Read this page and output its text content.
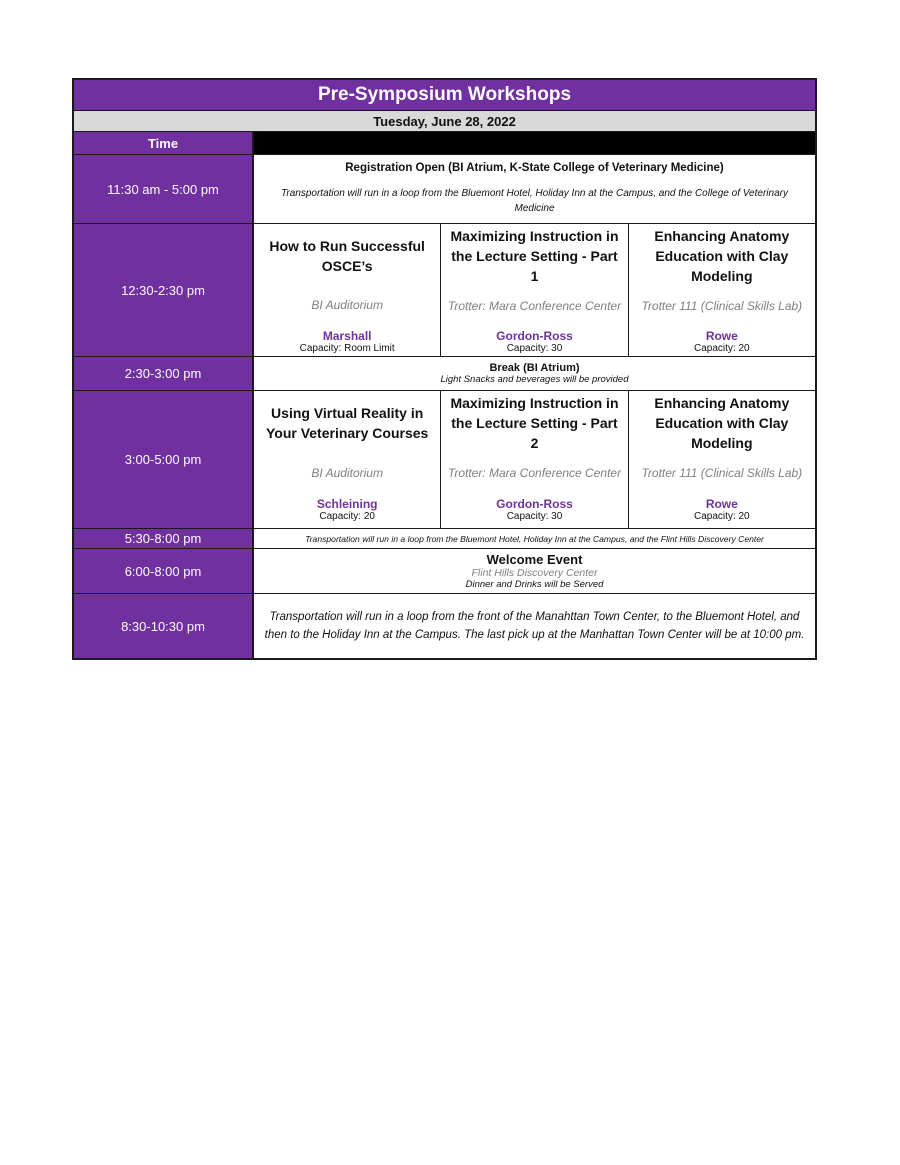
Pre-Symposium Workshops
Tuesday, June 28, 2022
Time
11:30 am - 5:00 pm
Registration Open (BI Atrium, K-State College of Veterinary Medicine)
Transportation will run in a loop from the Bluemont Hotel, Holiday Inn at the Campus, and the College of Veterinary Medicine
12:30-2:30 pm
How to Run Successful OSCE’s
BI Auditorium
Marshall
Capacity: Room Limit
Maximizing Instruction in the Lecture Setting - Part 1
Trotter: Mara Conference Center
Gordon-Ross
Capacity: 30
Enhancing Anatomy Education with Clay Modeling
Trotter 111 (Clinical Skills Lab)
Rowe
Capacity: 20
2:30-3:00 pm	Break (BI Atrium)
Light Snacks and beverages will be provided
3:00-5:00 pm
Using Virtual Reality in Your Veterinary Courses
BI Auditorium
Schleining
Capacity: 20
Maximizing Instruction in the Lecture Setting - Part 2
Trotter: Mara Conference Center
Gordon-Ross
Capacity: 30
Enhancing Anatomy Education with Clay Modeling
Trotter 111 (Clinical Skills Lab)
Rowe
Capacity: 20
5:30-8:00 pm	Transportation will run in a loop from the Bluemont Hotel, Holiday Inn at the Campus, and the Flint Hills Discovery Center
6:00-8:00 pm
Welcome Event
Flint Hills Discovery Center
Dinner and Drinks will be Served
8:30-10:30 pm
Transportation will run in a loop from the front of the Manahttan Town Center, to the Bluemont Hotel, and then to the Holiday Inn at the Campus. The last pick up at the Manhattan Town Center will be at 10:00 pm.
